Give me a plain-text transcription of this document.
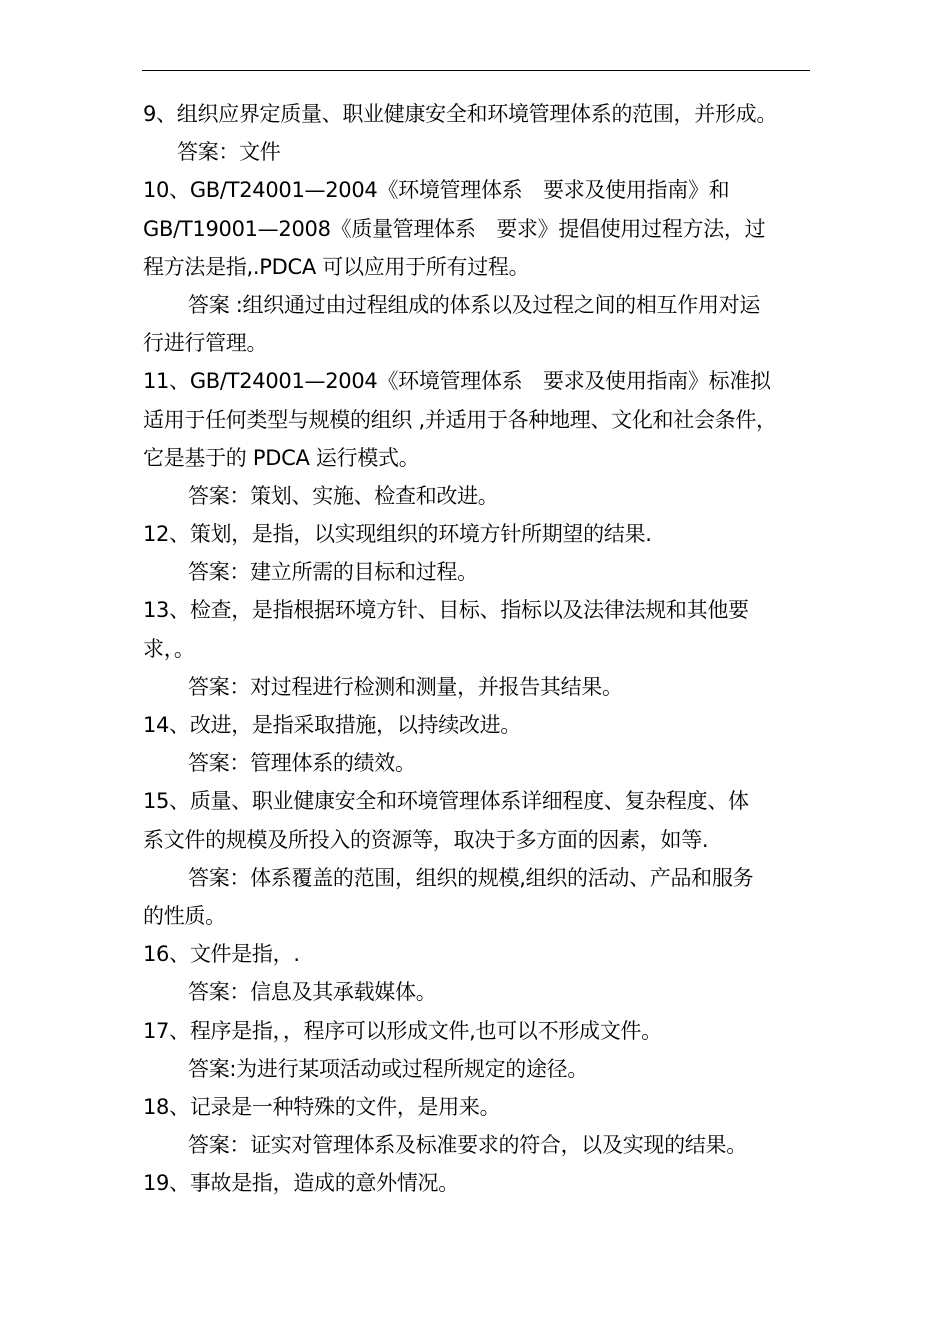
9、组织应界定质量、职业健康安全和环境管理体系的范围，并形成。
答案：文件
10、GB/T24001—2004《环境管理体系　要求及使用指南》和
GB/T19001—2008《质量管理体系　要求》提倡使用过程方法，过
程方法是指,.PDCA 可以应用于所有过程。
答案 :组织通过由过程组成的体系以及过程之间的相互作用对运
行进行管理。
11、GB/T24001—2004《环境管理体系　要求及使用指南》标准拟
适用于任何类型与规模的组织 ,并适用于各种地理、文化和社会条件，
它是基于的 PDCA 运行模式。
答案：策划、实施、检查和改进。
12、策划，是指，以实现组织的环境方针所期望的结果.
答案：建立所需的目标和过程。
13、检查，是指根据环境方针、目标、指标以及法律法规和其他要
求，。
答案：对过程进行检测和测量，并报告其结果。
14、改进，是指采取措施，以持续改进。
答案：管理体系的绩效。
15、质量、职业健康安全和环境管理体系详细程度、复杂程度、体
系文件的规模及所投入的资源等，取决于多方面的因素，如等.
答案：体系覆盖的范围，组织的规模,组织的活动、产品和服务
的性质。
16、文件是指，.
答案：信息及其承载媒体。
17、程序是指，，程序可以形成文件,也可以不形成文件。
答案:为进行某项活动或过程所规定的途径。
18、记录是一种特殊的文件，是用来。
答案：证实对管理体系及标准要求的符合，以及实现的结果。
19、事故是指，造成的意外情况。
